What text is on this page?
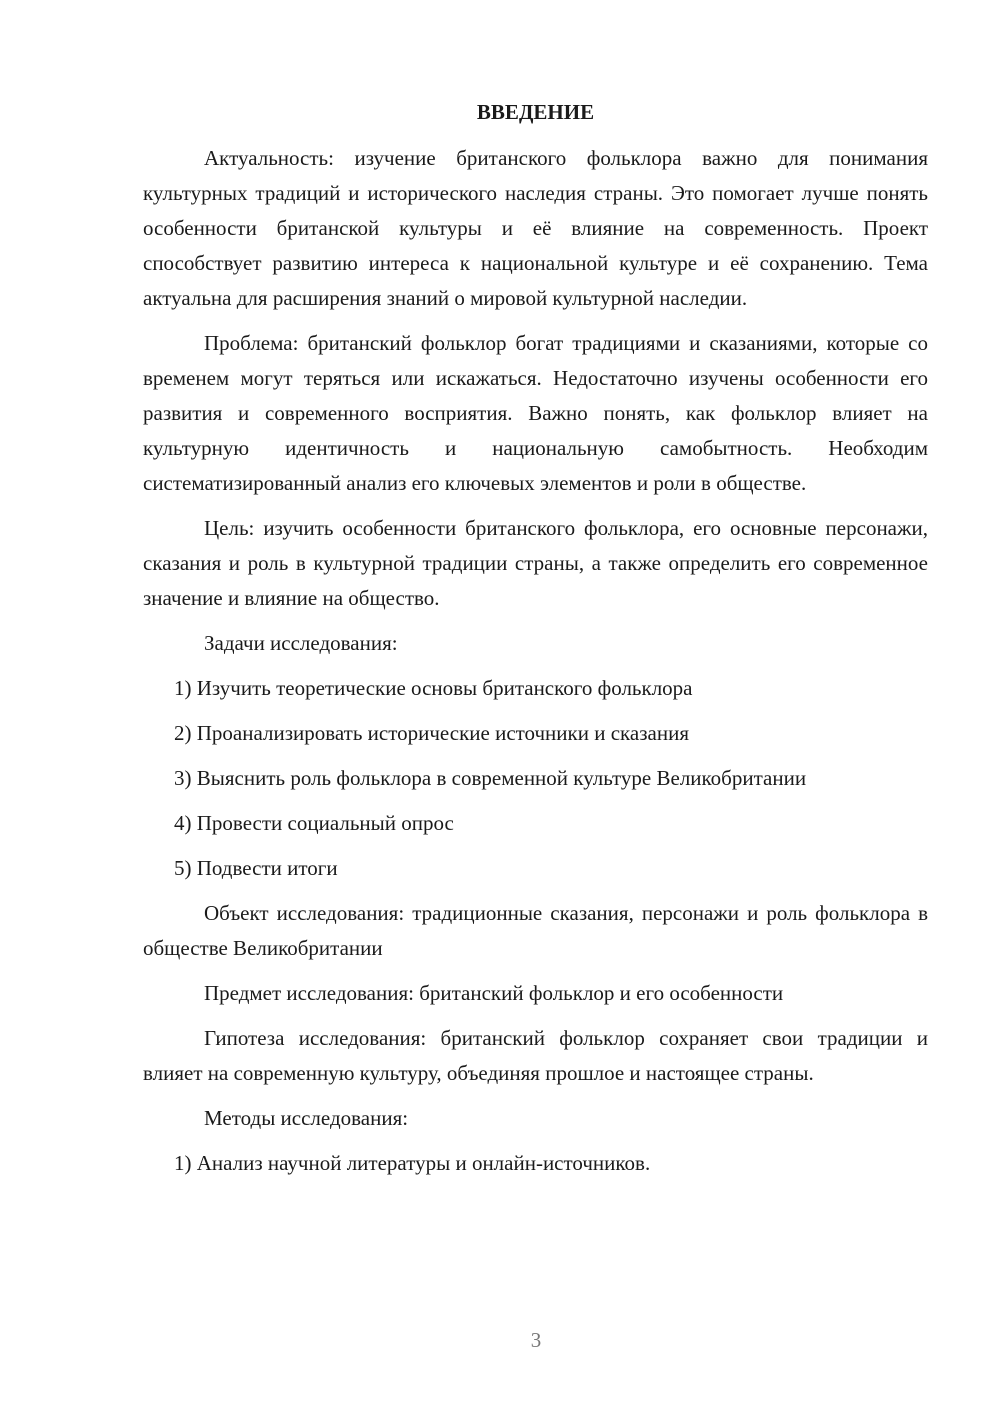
ВВЕДЕНИЕ
Актуальность: изучение британского фольклора важно для понимания культурных традиций и исторического наследия страны. Это помогает лучше понять особенности британской культуры и её влияние на современность. Проект способствует развитию интереса к национальной культуре и её сохранению. Тема актуальна для расширения знаний о мировой культурной наследии.
Проблема: британский фольклор богат традициями и сказаниями, которые со временем могут теряться или искажаться. Недостаточно изучены особенности его развития и современного восприятия. Важно понять, как фольклор влияет на культурную идентичность и национальную самобытность. Необходим систематизированный анализ его ключевых элементов и роли в обществе.
Цель: изучить особенности британского фольклора, его основные персонажи, сказания и роль в культурной традиции страны, а также определить его современное значение и влияние на общество.
Задачи исследования:
1) Изучить теоретические основы британского фольклора
2) Проанализировать исторические источники и сказания
3) Выяснить роль фольклора в современной культуре Великобритании
4) Провести социальный опрос
5) Подвести итоги
Объект исследования: традиционные сказания, персонажи и роль фольклора в обществе Великобритании
Предмет исследования: британский фольклор и его особенности
Гипотеза исследования: британский фольклор сохраняет свои традиции и влияет на современную культуру, объединяя прошлое и настоящее страны.
Методы исследования:
1) Анализ научной литературы и онлайн-источников.
3
